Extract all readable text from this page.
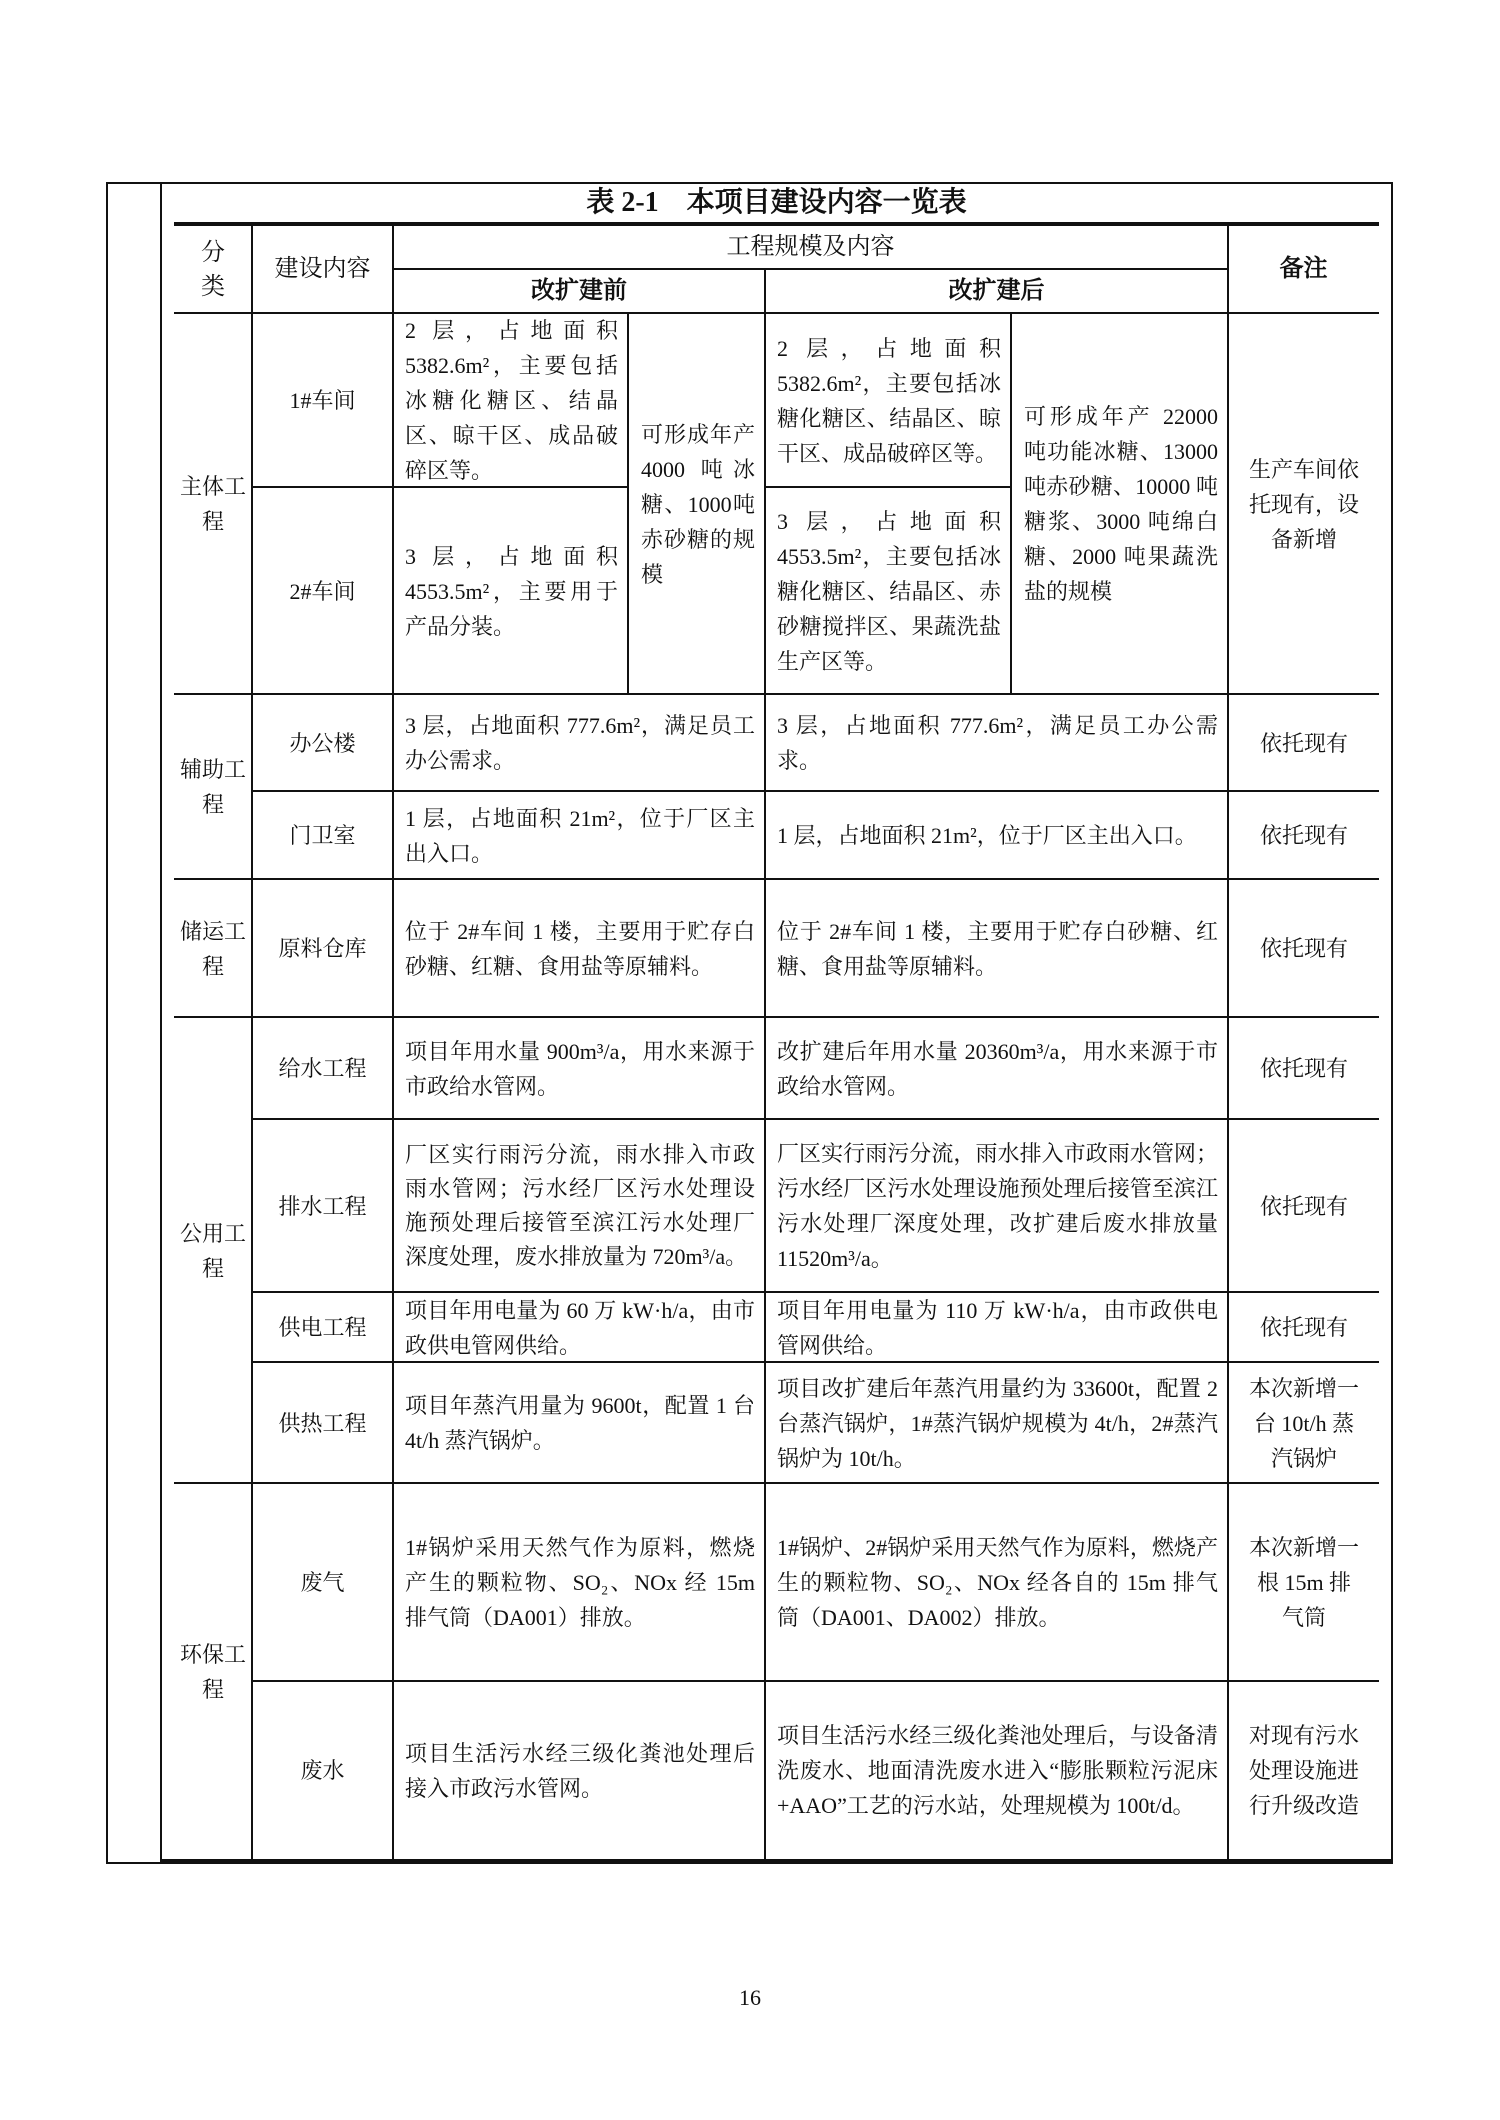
表 2-1　本项目建设内容一览表
分类
建设内容
工程规模及内容
改扩建前	改扩建后
备注
主体工程
辅助工程
储运工程
公用工程
环保工程
1#车间
2 层，占地面积 5382.6m²，主要包括冰糖化糖区、结晶区、晾干区、成品破碎区等。
2 层，占地面积 5382.6m²，主要包括冰糖化糖区、结晶区、晾干区、成品破碎区等。
2#车间
3 层，占地面积 4553.5m²，主要用于产品分装。
3 层，占地面积 4553.5m²，主要包括冰糖化糖区、结晶区、赤砂糖搅拌区、果蔬洗盐生产区等。
可形成年产 4000 吨冰糖、1000吨赤砂糖的规模
可形成年产 22000 吨功能冰糖、13000 吨赤砂糖、10000 吨糖浆、3000 吨绵白糖、2000 吨果蔬洗盐的规模
生产车间依托现有，设备新增
办公楼
3 层，占地面积 777.6m²，满足员工办公需求。
3 层，占地面积 777.6m²，满足员工办公需求。
依托现有
门卫室
1 层，占地面积 21m²，位于厂区主出入口。
1 层，占地面积 21m²，位于厂区主出入口。	依托现有
原料仓库
位于 2#车间 1 楼，主要用于贮存白砂糖、红糖、食用盐等原辅料。
位于 2#车间 1 楼，主要用于贮存白砂糖、红糖、食用盐等原辅料。
依托现有
给水工程
项目年用水量 900m³/a，用水来源于市政给水管网。
改扩建后年用水量 20360m³/a，用水来源于市政给水管网。
依托现有
排水工程
厂区实行雨污分流，雨水排入市政雨水管网；污水经厂区污水处理设施预处理后接管至滨江污水处理厂深度处理，废水排放量为 720m³/a。
厂区实行雨污分流，雨水排入市政雨水管网；污水经厂区污水处理设施预处理后接管至滨江污水处理厂深度处理，改扩建后废水排放量 11520m³/a。
依托现有
供电工程
项目年用电量为 60 万 kW·h/a，由市政供电管网供给。
项目年用电量为 110 万 kW·h/a，由市政供电管网供给。
依托现有
供热工程
项目年蒸汽用量为 9600t，配置 1 台 4t/h 蒸汽锅炉。
项目改扩建后年蒸汽用量约为 33600t，配置 2 台蒸汽锅炉，1#蒸汽锅炉规模为 4t/h，2#蒸汽锅炉为 10t/h。
本次新增一台 10t/h 蒸汽锅炉
废气
1#锅炉采用天然气作为原料，燃烧产生的颗粒物、SO₂、NOx 经 15m 排气筒（DA001）排放。
1#锅炉、2#锅炉采用天然气作为原料，燃烧产生的颗粒物、SO₂、NOx 经各自的 15m 排气筒（DA001、DA002）排放。
本次新增一根 15m 排气筒
废水
项目生活污水经三级化粪池处理后接入市政污水管网。
项目生活污水经三级化粪池处理后，与设备清洗废水、地面清洗废水进入“膨胀颗粒污泥床+AAO”工艺的污水站，处理规模为 100t/d。
对现有污水处理设施进行升级改造
16
